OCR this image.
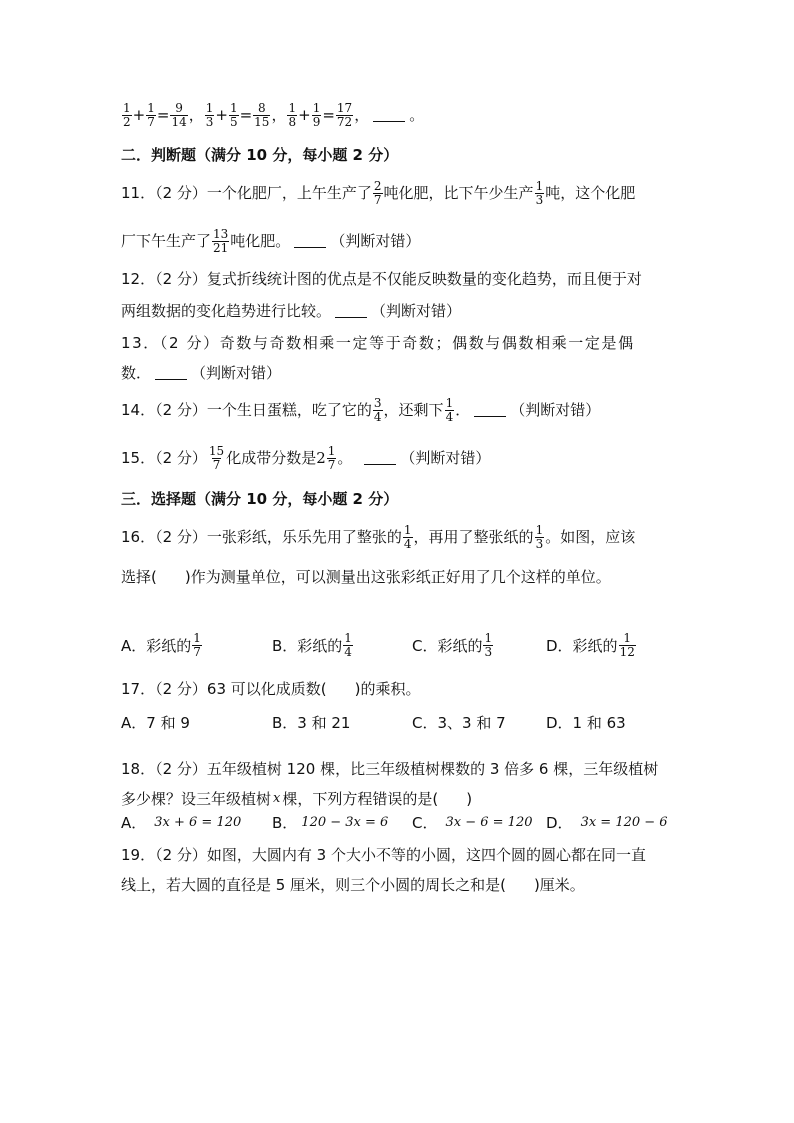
$\frac{1}{2} + \frac{1}{7} = \frac{9}{14}$ ， $\frac{1}{3} + \frac{1}{5} = \frac{8}{15}$ ， $\frac{1}{8} + \frac{1}{9} = \frac{17}{72}$ ，	。
二．判断题（满分 10 分，每小题 2 分）
11．（2 分）一个化肥厂，上午生产了 $\frac{2}{7}$ 吨化肥，比下午少生产 $\frac{1}{3}$ 吨，这个化肥
厂下午生产了 $\frac{13}{21}$ 吨化肥。	（判断对错）
12．（2 分）复式折线统计图的优点是不仅能反映数量的变化趋势，而且便于对
两组数据的变化趋势进行比较。	（判断对错）
13．（2 分）奇数与奇数相乘一定等于奇数；偶数与偶数相乘一定是偶
数．	（判断对错）
14．（2 分）一个生日蛋糕，吃了它的 $\frac{3}{4}$ ，还剩下 $\frac{1}{4}$ ．	（判断对错）
15．（2 分） $\frac{15}{7}$ 化成带分数是 $2 \frac{1}{7}$ 。	（判断对错）
三．选择题（满分 10 分，每小题 2 分）
16．（2 分）一张彩纸，乐乐先用了整张的 $\frac{1}{4}$ ，再用了整张纸的 $\frac{1}{3}$ 。如图，应该
选择( )作为测量单位，可以测量出这张彩纸正好用了几个这样的单位。
A．彩纸的 $\frac{1}{7}$	B．彩纸的 $\frac{1}{4}$	C．彩纸的 $\frac{1}{3}$	D．彩纸的 $\frac{1}{12}$
17．（2 分）63 可以化成质数( )的乘积。
A．7 和 9	B．3 和 21	C．3、3 和 7	D．1 和 63
18．（2 分）五年级植树 120 棵，比三年级植树棵数的 3 倍多 6 棵，三年级植树
多少棵？设三年级植树 x 棵，下列方程错误的是( )
A． 3x + 6 = 120 B． 120 − 3x = 6 C． 3x − 6 = 120 D． 3x = 120 − 6
19．（2 分）如图，大圆内有 3 个大小不等的小圆，这四个圆的圆心都在同一直
线上，若大圆的直径是 5 厘米，则三个小圆的周长之和是( )厘米。
